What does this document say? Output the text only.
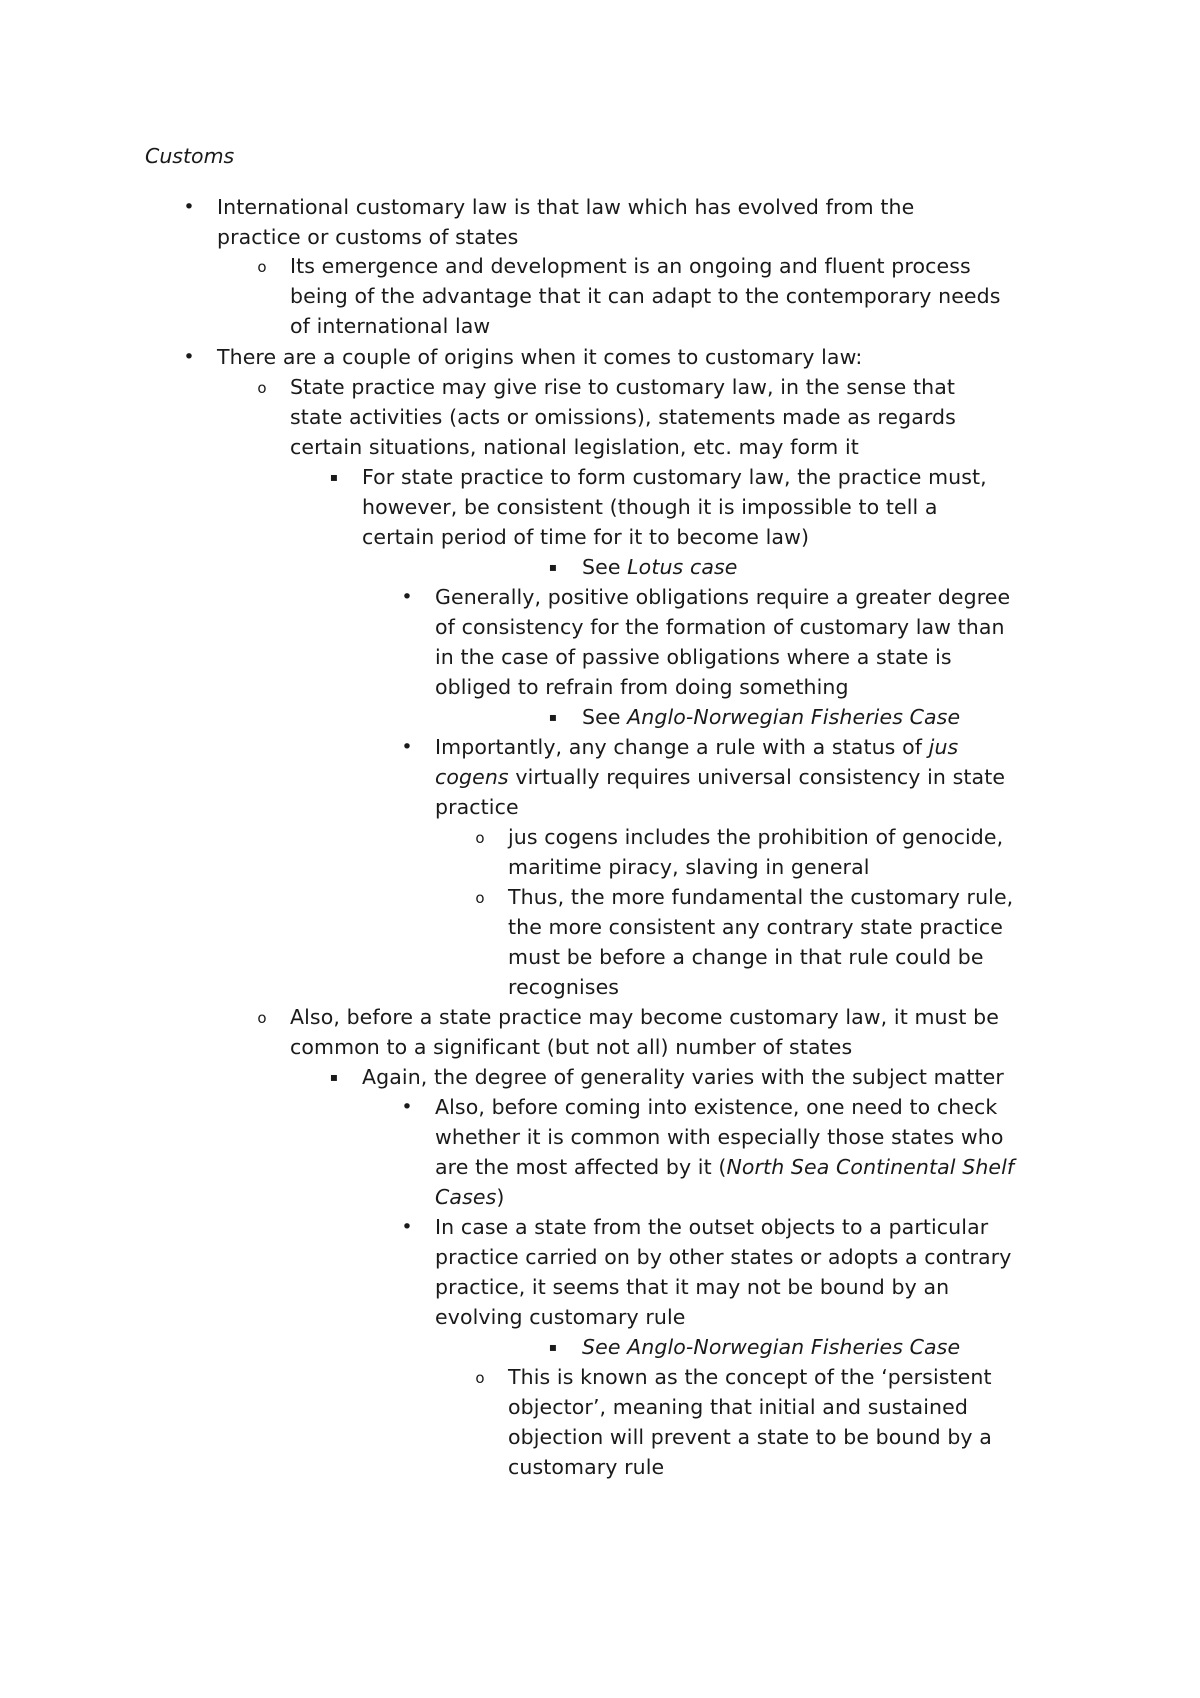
Customs
• International customary law is that law which has evolved from the
practice or customs of states
o Its emergence and development is an ongoing and fluent process
being of the advantage that it can adapt to the contemporary needs
of international law
• There are a couple of origins when it comes to customary law:
o State practice may give rise to customary law, in the sense that
state activities (acts or omissions), statements made as regards
certain situations, national legislation, etc. may form it
▪ For state practice to form customary law, the practice must,
however, be consistent (though it is impossible to tell a
certain period of time for it to become law)
▪ See Lotus case
• Generally, positive obligations require a greater degree
of consistency for the formation of customary law than
in the case of passive obligations where a state is
obliged to refrain from doing something
▪ See Anglo-Norwegian Fisheries Case
• Importantly, any change a rule with a status of jus
cogens virtually requires universal consistency in state
practice
o jus cogens includes the prohibition of genocide,
maritime piracy, slaving in general
o Thus, the more fundamental the customary rule,
the more consistent any contrary state practice
must be before a change in that rule could be
recognises
o Also, before a state practice may become customary law, it must be
common to a significant (but not all) number of states
▪ Again, the degree of generality varies with the subject matter
• Also, before coming into existence, one need to check
whether it is common with especially those states who
are the most affected by it (North Sea Continental Shelf
Cases)
• In case a state from the outset objects to a particular
practice carried on by other states or adopts a contrary
practice, it seems that it may not be bound by an
evolving customary rule
▪ See Anglo-Norwegian Fisheries Case
o This is known as the concept of the ‘persistent
objector’, meaning that initial and sustained
objection will prevent a state to be bound by a
customary rule
